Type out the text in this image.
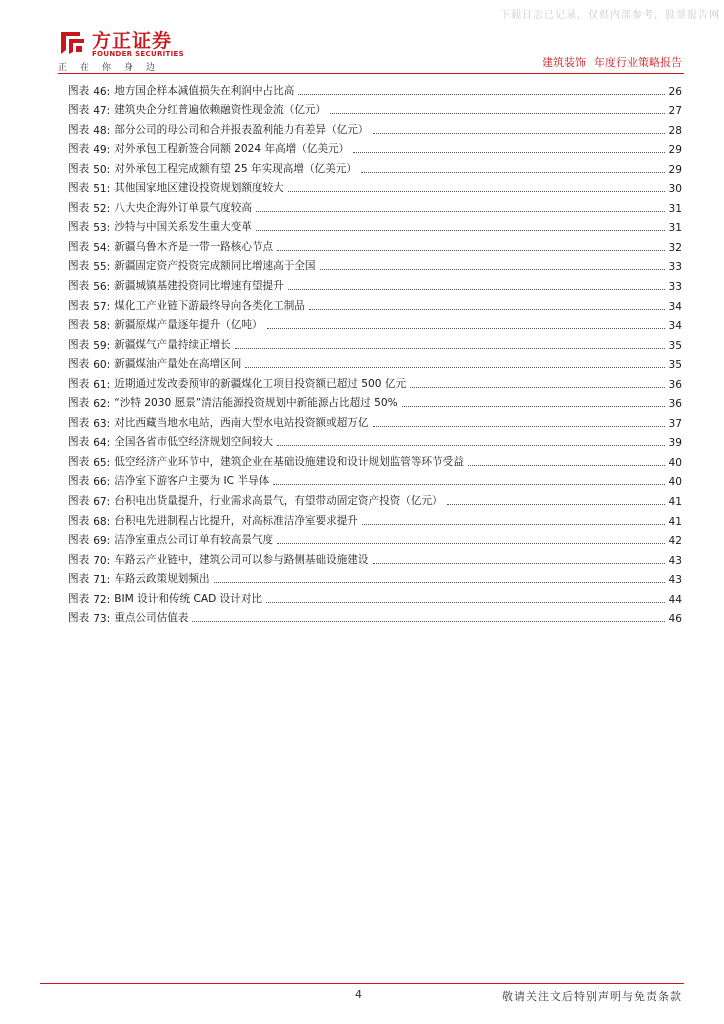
下载日志已记录，仅供内部参考，股票报告网
方正证券
FOUNDER SECURITIES
正在你身边	建筑装饰 年度行业策略报告
图表 46: 地方国企样本减值损失在利润中占比高	26
图表 47: 建筑央企分红普遍依赖融资性现金流（亿元）	27
图表 48: 部分公司的母公司和合并报表盈利能力有差异（亿元）	28
图表 49: 对外承包工程新签合同额 2024 年高增（亿美元）	29
图表 50: 对外承包工程完成额有望 25 年实现高增（亿美元）	29
图表 51: 其他国家地区建设投资规划额度较大	30
图表 52: 八大央企海外订单景气度较高	31
图表 53: 沙特与中国关系发生重大变革	31
图表 54: 新疆乌鲁木齐是一带一路核心节点	32
图表 55: 新疆固定资产投资完成额同比增速高于全国	33
图表 56: 新疆城镇基建投资同比增速有望提升	33
图表 57: 煤化工产业链下游最终导向各类化工制品	34
图表 58: 新疆原煤产量逐年提升（亿吨）	34
图表 59: 新疆煤气产量持续正增长	35
图表 60: 新疆煤油产量处在高增区间	35
图表 61: 近期通过发改委预审的新疆煤化工项目投资额已超过 500 亿元	36
图表 62: “沙特 2030 愿景”清洁能源投资规划中新能源占比超过 50%	36
图表 63: 对比西藏当地水电站，西南大型水电站投资额或超万亿	37
图表 64: 全国各省市低空经济规划空间较大	39
图表 65: 低空经济产业环节中，建筑企业在基础设施建设和设计规划监管等环节受益	40
图表 66: 洁净室下游客户主要为 IC 半导体	40
图表 67: 台积电出货量提升，行业需求高景气，有望带动固定资产投资（亿元）	41
图表 68: 台积电先进制程占比提升，对高标准洁净室要求提升	41
图表 69: 洁净室重点公司订单有较高景气度	42
图表 70: 车路云产业链中，建筑公司可以参与路侧基础设施建设	43
图表 71: 车路云政策规划频出	43
图表 72: BIM 设计和传统 CAD 设计对比	44
图表 73: 重点公司估值表	46
4	敬请关注文后特别声明与免责条款
